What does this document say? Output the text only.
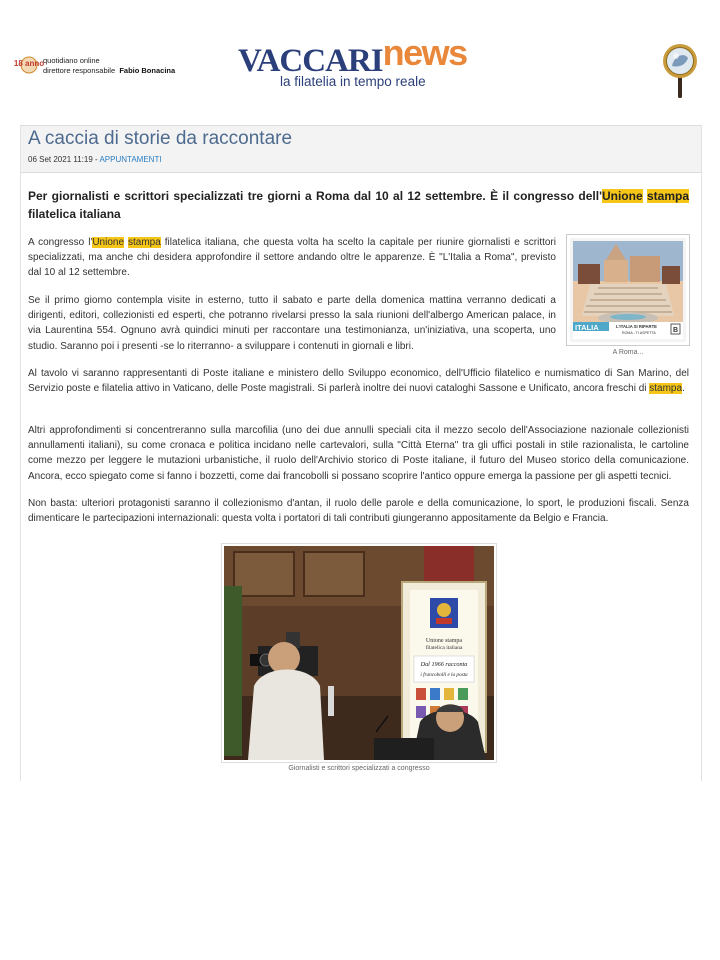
18 anno
quotidiano online
direttore responsabile Fabio Bonacina VACCARInews
la filatelia in tempo reale
A caccia di storie da raccontare
06 Set 2021 11:19 - APPUNTAMENTI
Per giornalisti e scrittori specializzati tre giorni a Roma dal 10 al 12 settembre. È il congresso dell'Unione stampa filatelica italiana
A congresso l'Unione stampa filatelica italiana, che questa volta ha scelto la capitale per riunire giornalisti e scrittori specializzati, ma anche chi desidera approfondire il settore andando oltre le apparenze. È "L'Italia a Roma", previsto dal 10 al 12 settembre.
ITALIA	L'ITALIA SI RIPARTE
ROMA - TI ASPETTA B
A Roma...
Se il primo giorno contempla visite in esterno, tutto il sabato e parte della domenica mattina verranno dedicati a dirigenti, editori, collezionisti ed esperti, che potranno rivelarsi presso la sala riunioni dell'albergo American palace, in via Laurentina 554. Ognuno avrà quindici minuti per raccontare una testimonianza, un'iniziativa, una scoperta, uno studio. Saranno poi i presenti -se lo riterranno- a sviluppare i contenuti in giornali e libri.
Al tavolo vi saranno rappresentanti di Poste italiane e ministero dello Sviluppo economico, dell'Ufficio filatelico e numismatico di San Marino, del Servizio poste e filatelia attivo in Vaticano, delle Poste magistrali. Si parlerà inoltre dei nuovi cataloghi Sassone e Unificato, ancora freschi di stampa.
Altri approfondimenti si concentreranno sulla marcofilia (uno dei due annulli speciali cita il mezzo secolo dell'Associazione nazionale collezionisti annullamenti italiani), su come cronaca e politica incidano nelle cartevalori, sulla "Città Eterna" tra gli uffici postali in stile razionalista, le cartoline come mezzo per leggere le mutazioni urbanistiche, il ruolo dell'Archivio storico di Poste italiane, il futuro del Museo storico della comunicazione. Ancora, ecco spiegato come si fanno i bozzetti, come dai francobolli si possano scoprire l'antico oppure emerga la passione per gli aspetti tecnici.
Non basta: ulteriori protagonisti saranno il collezionismo d'antan, il ruolo delle parole e della comunicazione, lo sport, le produzioni fiscali. Senza dimenticare le partecipazioni internazionali: questa volta i portatori di tali contributi giungeranno appositamente da Belgio e Francia.
Unione stampa
filatelica italiana
Dal 1966 racconta
i francobolli e la posta
Giornalisti e scrittori specializzati a congresso
